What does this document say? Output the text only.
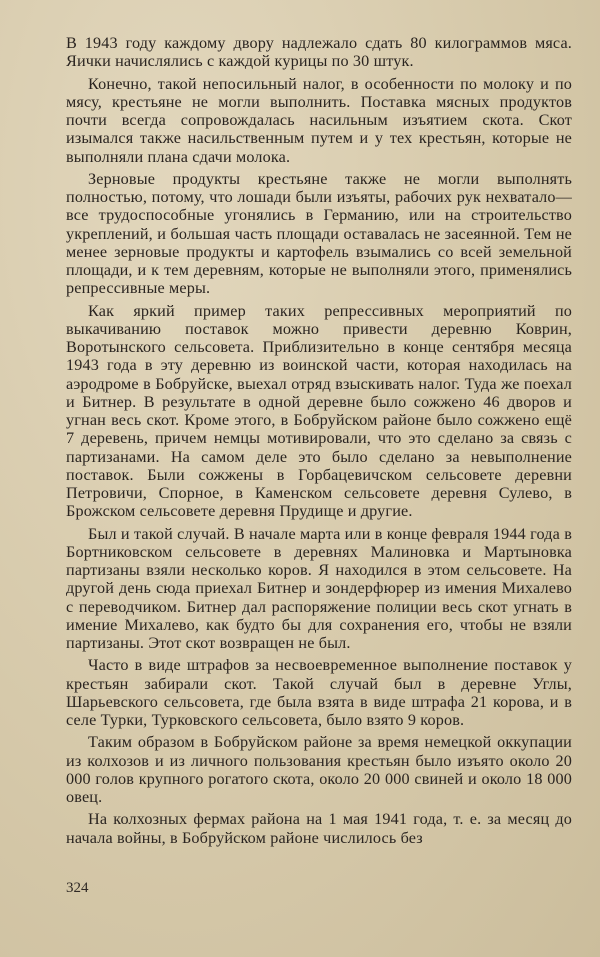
В 1943 году каждому двору надлежало сдать 80 килограммов мяса. Яички начислялись с каждой курицы по 30 штук.

Конечно, такой непосильный налог, в особенности по молоку и по мясу, крестьяне не могли выполнить. Поставка мясных продуктов почти всегда сопровождалась насильным изъятием скота. Скот изымался также насильственным путем и у тех крестьян, которые не выполняли плана сдачи молока.

Зерновые продукты крестьяне также не могли выполнять полностью, потому, что лошади были изъяты, рабочих рук нехватало—все трудоспособные угонялись в Германию, или на строительство укреплений, и большая часть площади оставалась не засеянной. Тем не менее зерновые продукты и картофель взымались со всей земельной площади, и к тем деревням, которые не выполняли этого, применялись репрессивные меры.

Как яркий пример таких репрессивных мероприятий по выкачиванию поставок можно привести деревню Коврин, Воротынского сельсовета. Приблизительно в конце сентября месяца 1943 года в эту деревню из воинской части, которая находилась на аэродроме в Бобруйске, выехал отряд взыскивать налог. Туда же поехал и Битнер. В результате в одной деревне было сожжено 46 дворов и угнан весь скот. Кроме этого, в Бобруйском районе было сожжено ещё 7 деревень, причем немцы мотивировали, что это сделано за связь с партизанами. На самом деле это было сделано за невыполнение поставок. Были сожжены в Горбацевичском сельсовете деревни Петровичи, Спорное, в Каменском сельсовете деревня Сулево, в Брожском сельсовете деревня Прудище и другие.

Был и такой случай. В начале марта или в конце февраля 1944 года в Бортниковском сельсовете в деревнях Малиновка и Мартыновка партизаны взяли несколько коров. Я находился в этом сельсовете. На другой день сюда приехал Битнер и зондерфюрер из имения Михалево с переводчиком. Битнер дал распоряжение полиции весь скот угнать в имение Михалево, как будто бы для сохранения его, чтобы не взяли партизаны. Этот скот возвращен не был.

Часто в виде штрафов за несвоевременное выполнение поставок у крестьян забирали скот. Такой случай был в деревне Углы, Шарьевского сельсовета, где была взята в виде штрафа 21 корова, и в селе Турки, Турковского сельсовета, было взято 9 коров.

Таким образом в Бобруйском районе за время немецкой оккупации из колхозов и из личного пользования крестьян было изъято около 20 000 голов крупного рогатого скота, около 20 000 свиней и около 18 000 овец.

На колхозных фермах района на 1 мая 1941 года, т. е. за месяц до начала войны, в Бобруйском районе числилось без

324
